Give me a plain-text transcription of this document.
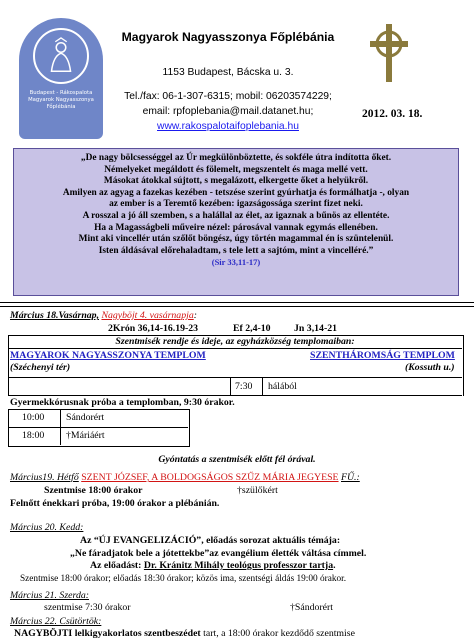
Budapest - Rákospalota
Magyarok Nagyasszonya
Főplébánia
Magyarok Nagyasszonya Főplébánia
1153 Budapest, Bácska u. 3.
Tel./fax: 06-1-307-6315; mobil: 06203574229;
email: rpfoplebania@mail.datanet.hu;
www.rakospalotaifoplebania.hu
2012. 03. 18.
„De nagy bölcsességgel az Úr megkülönböztette, és sokféle útra indította őket.
Némelyeket megáldott és fölemelt, megszentelt és maga mellé vett.
Másokat átokkal sújtott, s megalázott, elkergette őket a helyükről.
Amilyen az agyag a fazekas kezében - tetszése szerint gyúrhatja és formálhatja -, olyan
az ember is a Teremtő kezében: igazságossága szerint fizet neki.
A rosszal a jó áll szemben, s a halállal az élet, az igaznak a bűnös az ellentéte.
Ha a Magasságbeli műveire nézel: párosával vannak egymás ellenében.
Mint aki vincellér után szőlőt böngész, úgy történ magammal én is szüntelenül.
Isten áldásával előrehaladtam, s tele lett a sajtóm, mint a vincelléré.”
(Sir 33,11-17)
Március 18.Vasárnap, Nagyböjt 4. vasárnapja:
2Krón 36,14-16.19-23	Ef 2,4-10 Jn 3,14-21
Szentmisék rendje és ideje, az egyházközség templomaiban:
MAGYAROK NAGYASSZONYA TEMPLOM
(Széchenyi tér)
SZENTHÁROMSÁG TEMPLOM
(Kossuth u.)
7:30 hálából
Gyermekkórusnak próba a templomban, 9:30 órakor.
10:00 Sándorért
18:00 †Máriáért
Gyóntatás a szentmisék előtt fél órával.
Március19. Hétfő SZENT JÓZSEF, A BOLDOGSÁGOS SZŰZ MÁRIA JEGYESE FŰ.:
Szentmise 18:00 órakor	†szülőkért
Felnőtt énekkari próba, 19:00 órakor a plébánián.
Március 20. Kedd:
Az “ÚJ EVANGELIZÁCIÓ”, előadás sorozat aktuális témája:
„Ne fáradjatok bele a jótettekbe”az evangélium élették váltása címmel.
Az előadást: Dr. Kránitz Mihály teológus professzor tartja.
Szentmise 18:00 órakor; előadás 18:30 órakor; közös ima, szentségi áldás 19:00 órakor.
Március 21. Szerda:
szentmise 7:30 órakor	†Sándorért
Március 22. Csütörtök:
NAGYBÖJTI lelkigyakorlatos szentbeszédet tart, a 18:00 órakor kezdődő szentmise
